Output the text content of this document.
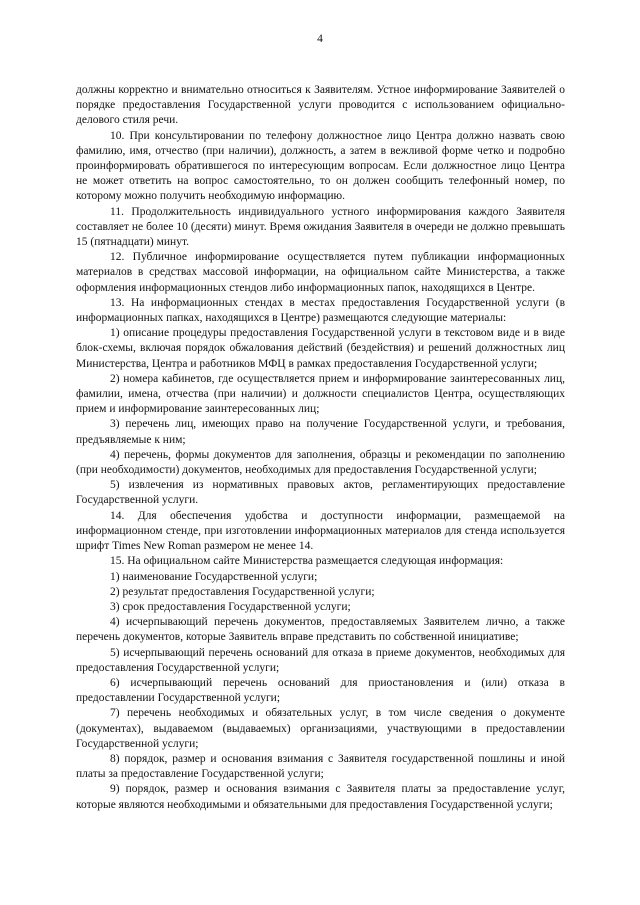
4

должны корректно и внимательно относиться к Заявителям. Устное информирование Заявителей о порядке предоставления Государственной услуги проводится с использованием официально-делового стиля речи.

10. При консультировании по телефону должностное лицо Центра должно назвать свою фамилию, имя, отчество (при наличии), должность, а затем в вежливой форме четко и подробно проинформировать обратившегося по интересующим вопросам. Если должностное лицо Центра не может ответить на вопрос самостоятельно, то он должен сообщить телефонный номер, по которому можно получить необходимую информацию.

11. Продолжительность индивидуального устного информирования каждого Заявителя составляет не более 10 (десяти) минут. Время ожидания Заявителя в очереди не должно превышать 15 (пятнадцати) минут.

12. Публичное информирование осуществляется путем публикации информационных материалов в средствах массовой информации, на официальном сайте Министерства, а также оформления информационных стендов либо информационных папок, находящихся в Центре.

13. На информационных стендах в местах предоставления Государственной услуги (в информационных папках, находящихся в Центре) размещаются следующие материалы:

1) описание процедуры предоставления Государственной услуги в текстовом виде и в виде блок-схемы, включая порядок обжалования действий (бездействия) и решений должностных лиц Министерства, Центра и работников МФЦ в рамках предоставления Государственной услуги;

2) номера кабинетов, где осуществляется прием и информирование заинтересованных лиц, фамилии, имена, отчества (при наличии) и должности специалистов Центра, осуществляющих прием и информирование заинтересованных лиц;

3) перечень лиц, имеющих право на получение Государственной услуги, и требования, предъявляемые к ним;

4) перечень, формы документов для заполнения, образцы и рекомендации по заполнению (при необходимости) документов, необходимых для предоставления Государственной услуги;

5) извлечения из нормативных правовых актов, регламентирующих предоставление Государственной услуги.

14. Для обеспечения удобства и доступности информации, размещаемой на информационном стенде, при изготовлении информационных материалов для стенда используется шрифт Times New Roman размером не менее 14.

15. На официальном сайте Министерства размещается следующая информация:

1) наименование Государственной услуги;

2) результат предоставления Государственной услуги;

3) срок предоставления Государственной услуги;

4) исчерпывающий перечень документов, предоставляемых Заявителем лично, а также перечень документов, которые Заявитель вправе представить по собственной инициативе;

5) исчерпывающий перечень оснований для отказа в приеме документов, необходимых для предоставления Государственной услуги;

6) исчерпывающий перечень оснований для приостановления и (или) отказа в предоставлении Государственной услуги;

7) перечень необходимых и обязательных услуг, в том числе сведения о документе (документах), выдаваемом (выдаваемых) организациями, участвующими в предоставлении Государственной услуги;

8) порядок, размер и основания взимания с Заявителя государственной пошлины и иной платы за предоставление Государственной услуги;

9) порядок, размер и основания взимания с Заявителя платы за предоставление услуг, которые являются необходимыми и обязательными для предоставления Государственной услуги;
